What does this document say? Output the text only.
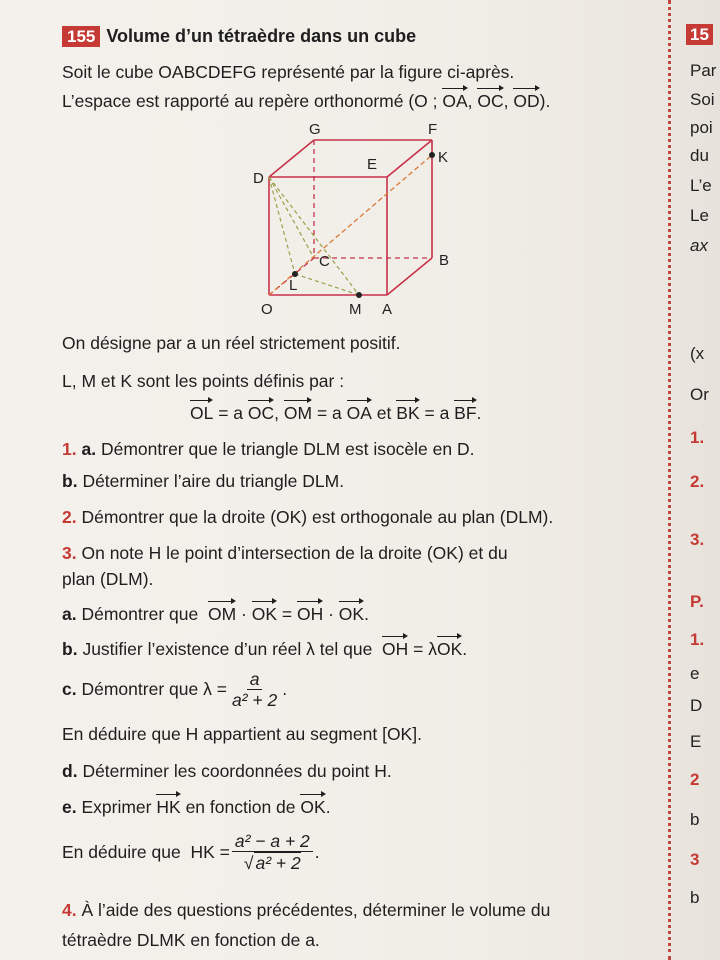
155 Volume d’un tétraèdre dans un cube
Soit le cube OABCDEFG représenté par la figure ci-après.
L’espace est rapporté au repère orthonormé (O ; OA, OC, OD).
G	F
D
E	K
C	B
L
O	M A
On désigne par a un réel strictement positif.
L, M et K sont les points définis par :
OL = a OC, OM = a OA et BK = a BF.
1. a. Démontrer que le triangle DLM est isocèle en D.
b. Déterminer l’aire du triangle DLM.
2. Démontrer que la droite (OK) est orthogonale au plan (DLM).
3. On note H le point d’intersection de la droite (OK) et du
plan (DLM).
a. Démontrer que OM · OK = OH · OK.
b. Justifier l’existence d’un réel λ tel que OH = λOK.
c.
Démontrer que
$\lambda = \frac{a}{\text{a² + 2}}$ .
En déduire que H appartient au segment [OK].
d. Déterminer les coordonnées du point H.
e. Exprimer HK en fonction de OK.
En déduire que
HK = $\frac{\text{a² − a + 2}}{\text{√ a² + 2}}$ .
4. À l’aide des questions précédentes, déterminer le volume du
tétraèdre DLMK en fonction de a.
15
Par
Soi
poi
du
L’e
Le
ax
(x
Or
1.
2.
3.
P.
1.
e
D
E
2
b
3
b
